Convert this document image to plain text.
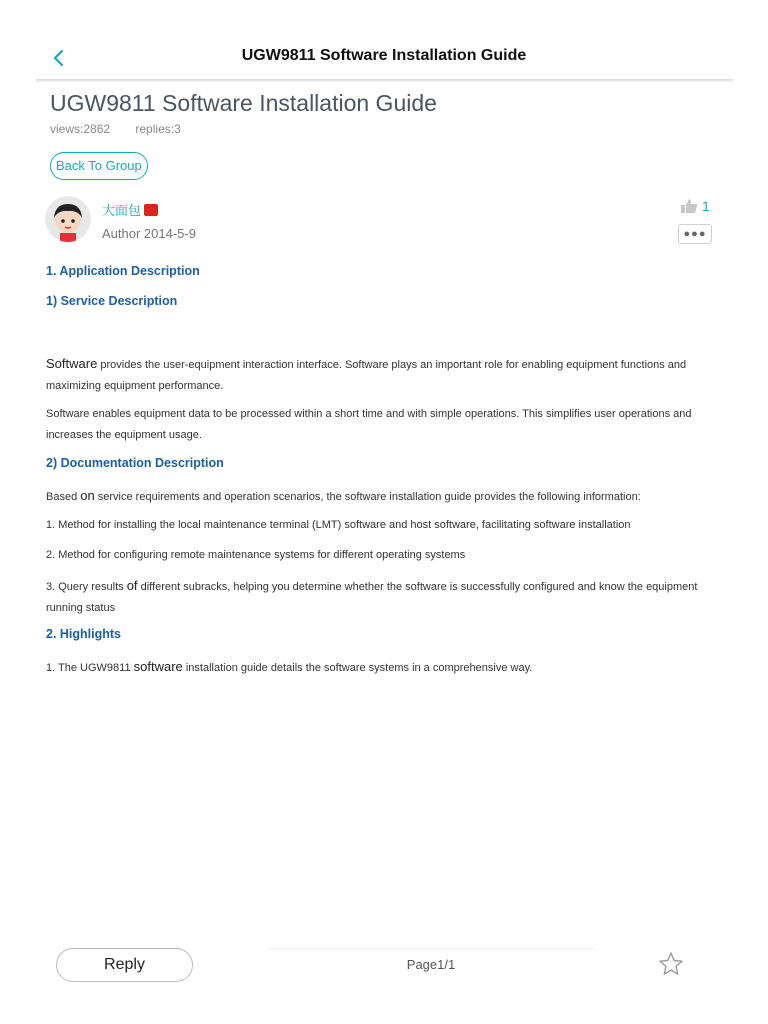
UGW9811 Software Installation Guide
UGW9811 Software Installation Guide
views:2862 replies:3
Back To Group
大面包
Author 2014-5-9
1
●●●

1. Application Description

1) Service Description

Software provides the user-equipment interaction interface. Software plays an important role for enabling equipment functions and maximizing equipment performance.

Software enables equipment data to be processed within a short time and with simple operations. This simplifies user operations and increases the equipment usage.

2) Documentation Description

Based on service requirements and operation scenarios, the software installation guide provides the following information:

1. Method for installing the local maintenance terminal (LMT) software and host software, facilitating software installation

2. Method for configuring remote maintenance systems for different operating systems

3. Query results of different subracks, helping you determine whether the software is successfully configured and know the equipment running status

2. Highlights

1. The UGW9811 software installation guide details the software systems in a comprehensive way.

Reply	Page1/1
